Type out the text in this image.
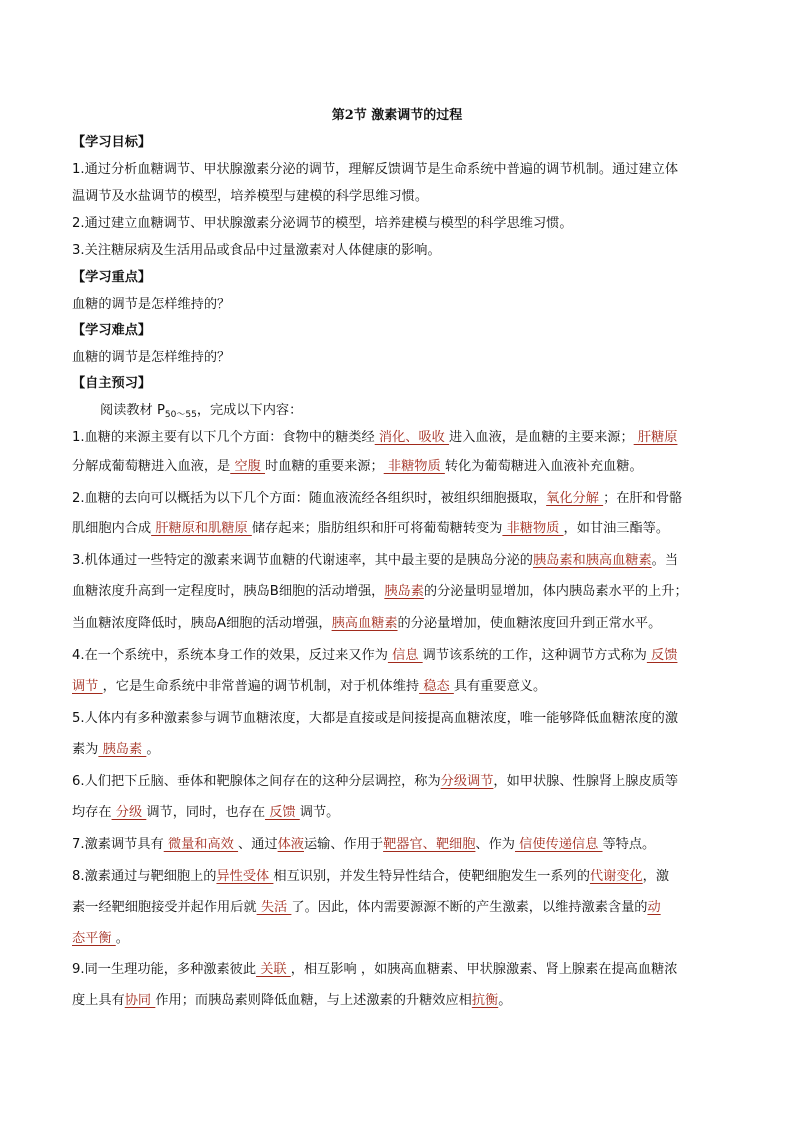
第2节 激素调节的过程
【学习目标】
1.通过分析血糖调节、甲状腺激素分泌的调节，理解反馈调节是生命系统中普遍的调节机制。通过建立体
温调节及水盐调节的模型，培养模型与建模的科学思维习惯。
2.通过建立血糖调节、甲状腺激素分泌调节的模型，培养建模与模型的科学思维习惯。
3.关注糖尿病及生活用品或食品中过量激素对人体健康的影响。
【学习重点】
血糖的调节是怎样维持的？
【学习难点】
血糖的调节是怎样维持的？
【自主预习】
阅读教材 $P_{50\sim 55}$，完成以下内容：
1.血糖的来源主要有以下几个方面：食物中的糖类经 消化、吸收 进入血液，是血糖的主要来源； 肝糖原
分解成葡萄糖进入血液，是 空腹 时血糖的重要来源； 非糖物质 转化为葡萄糖进入血液补充血糖。
2.血糖的去向可以概括为以下几个方面：随血液流经各组织时，被组织细胞摄取，氧化分解 ；在肝和骨骼
肌细胞内合成 肝糖原和肌糖原 储存起来；脂肪组织和肝可将葡萄糖转变为 非糖物质 ，如甘油三酯等。
3.机体通过一些特定的激素来调节血糖的代谢速率，其中最主要的是胰岛分泌的胰岛素和胰高血糖素。当
血糖浓度升高到一定程度时，胰岛B细胞的活动增强，胰岛素的分泌量明显增加，体内胰岛素水平的上升；
当血糖浓度降低时，胰岛A细胞的活动增强，胰高血糖素的分泌量增加，使血糖浓度回升到正常水平。
4.在一个系统中，系统本身工作的效果，反过来又作为 信息 调节该系统的工作，这种调节方式称为 反馈
调节 ，它是生命系统中非常普遍的调节机制，对于机体维持 稳态 具有重要意义。
5.人体内有多种激素参与调节血糖浓度，大都是直接或是间接提高血糖浓度，唯一能够降低血糖浓度的激
素为 胰岛素 。
6.人们把下丘脑、垂体和靶腺体之间存在的这种分层调控，称为分级调节，如甲状腺、性腺肾上腺皮质等
均存在 分级 调节，同时，也存在 反馈 调节。
7.激素调节具有 微量和高效 、通过体液运输、作用于靶器官、靶细胞、作为 信使传递信息 等特点。
8.激素通过与靶细胞上的异性受体 相互识别，并发生特异性结合，使靶细胞发生一系列的代谢变化，激
素一经靶细胞接受并起作用后就 失活 了。因此，体内需要源源不断的产生激素，以维持激素含量的动
态平衡 。
9.同一生理功能，多种激素彼此 关联 ，相互影响 ，如胰高血糖素、甲状腺激素、肾上腺素在提高血糖浓
度上具有协同 作用；而胰岛素则降低血糖，与上述激素的升糖效应相抗衡。
